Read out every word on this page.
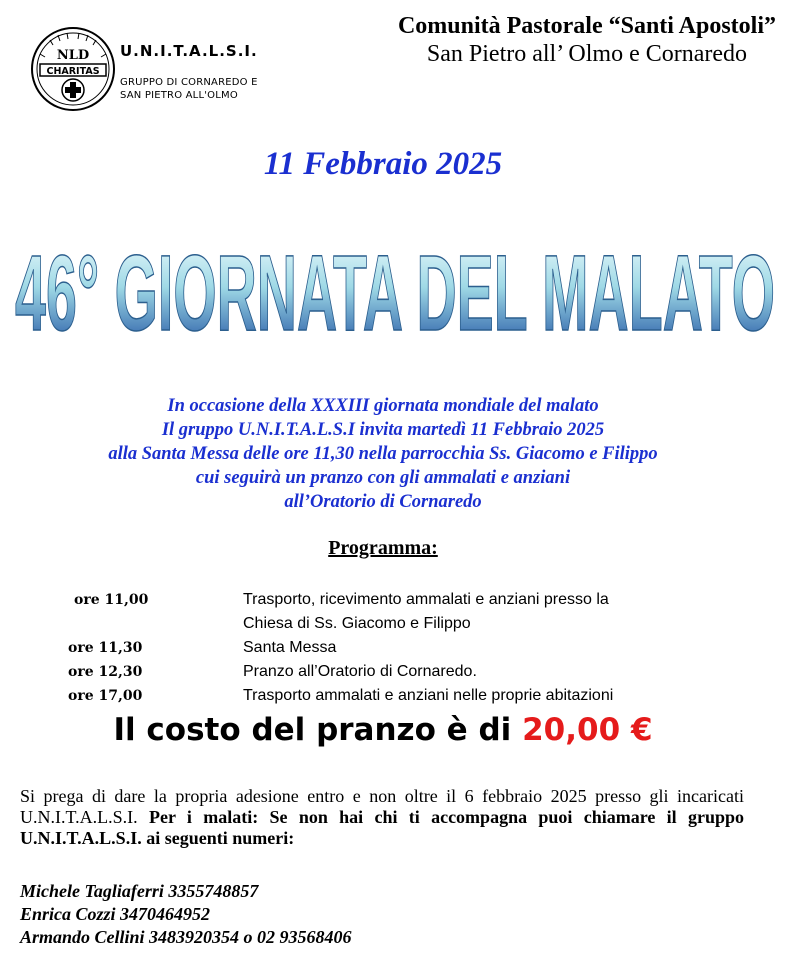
NLD
CHARITAS
U.N.I.T.A.L.S.I.
GRUPPO DI CORNAREDO E
SAN PIETRO ALL'OLMO
Comunità Pastorale “Santi Apostoli”
San Pietro all’ Olmo e Cornaredo
11 Febbraio 2025
46° GIORNATA DEL MALATO
In occasione della XXXIII giornata mondiale del malato
Il gruppo U.N.I.T.A.L.S.I invita martedì 11 Febbraio 2025
alla Santa Messa delle ore 11,30 nella parrocchia Ss. Giacomo e Filippo
cui seguirà un pranzo con gli ammalati e anziani
all’Oratorio di Cornaredo
Programma:
ore 11,00	Trasporto, ricevimento ammalati e anziani presso la
Chiesa di Ss. Giacomo e Filippo
ore 11,30	Santa Messa
ore 12,30	Pranzo all’Oratorio di Cornaredo.
ore 17,00	Trasporto ammalati e anziani nelle proprie abitazioni
Il costo del pranzo è di 20,00 €
Si prega di dare la propria adesione entro e non oltre il 6 febbraio 2025 presso gli incaricati U.N.I.T.A.L.S.I. Per i malati: Se non hai chi ti accompagna puoi chiamare il gruppo U.N.I.T.A.L.S.I. ai seguenti numeri:
Michele Tagliaferri 3355748857
Enrica Cozzi 3470464952
Armando Cellini 3483920354 o 02 93568406
